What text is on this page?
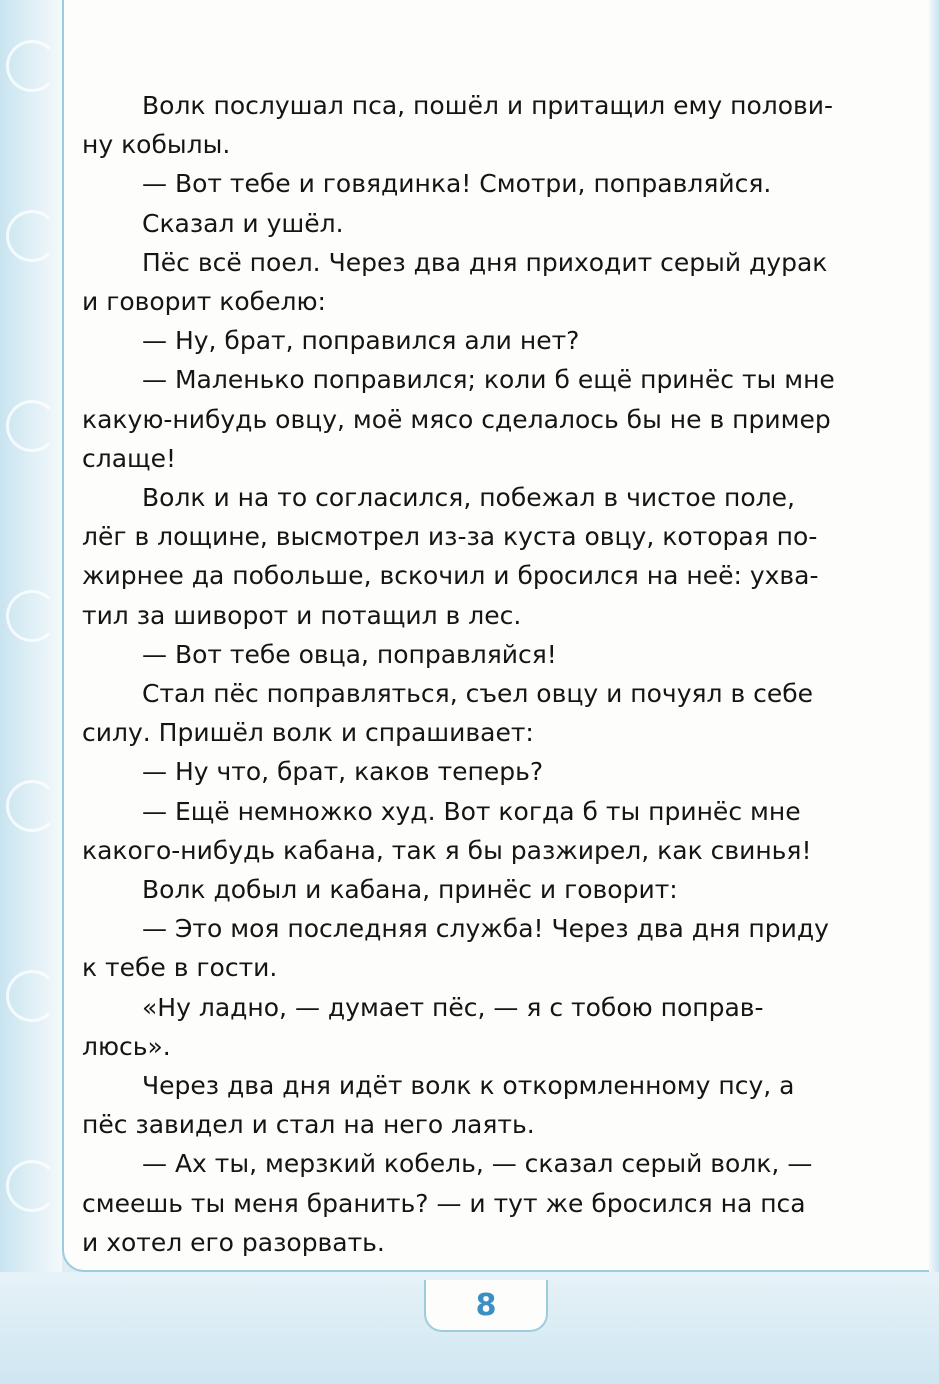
Волк послушал пса, пошёл и притащил ему полови-

ну кобылы.

— Вот тебе и говядинка! Смотри, поправляйся.

Сказал и ушёл.

Пёс всё поел. Через два дня приходит серый дурак

и говорит кобелю:

— Ну, брат, поправился али нет?

— Маленько поправился; коли б ещё принёс ты мне

какую-нибудь овцу, моё мясо сделалось бы не в пример

слаще!

Волк и на то согласился, побежал в чистое поле,

лёг в лощине, высмотрел из-за куста овцу, которая по-

жирнее да побольше, вскочил и бросился на неё: ухва-

тил за шиворот и потащил в лес.

— Вот тебе овца, поправляйся!

Стал пёс поправляться, съел овцу и почуял в себе

силу. Пришёл волк и спрашивает:

— Ну что, брат, каков теперь?

— Ещё немножко худ. Вот когда б ты принёс мне

какого-нибудь кабана, так я бы разжирел, как свинья!

Волк добыл и кабана, принёс и говорит:

— Это моя последняя служба! Через два дня приду

к тебе в гости.

«Ну ладно, — думает пёс, — я с тобою поправ-

люсь».

Через два дня идёт волк к откормленному псу, а

пёс завидел и стал на него лаять.

— Ах ты, мерзкий кобель, — сказал серый волк, —

смеешь ты меня бранить? — и тут же бросился на пса

и хотел его разорвать.

8
